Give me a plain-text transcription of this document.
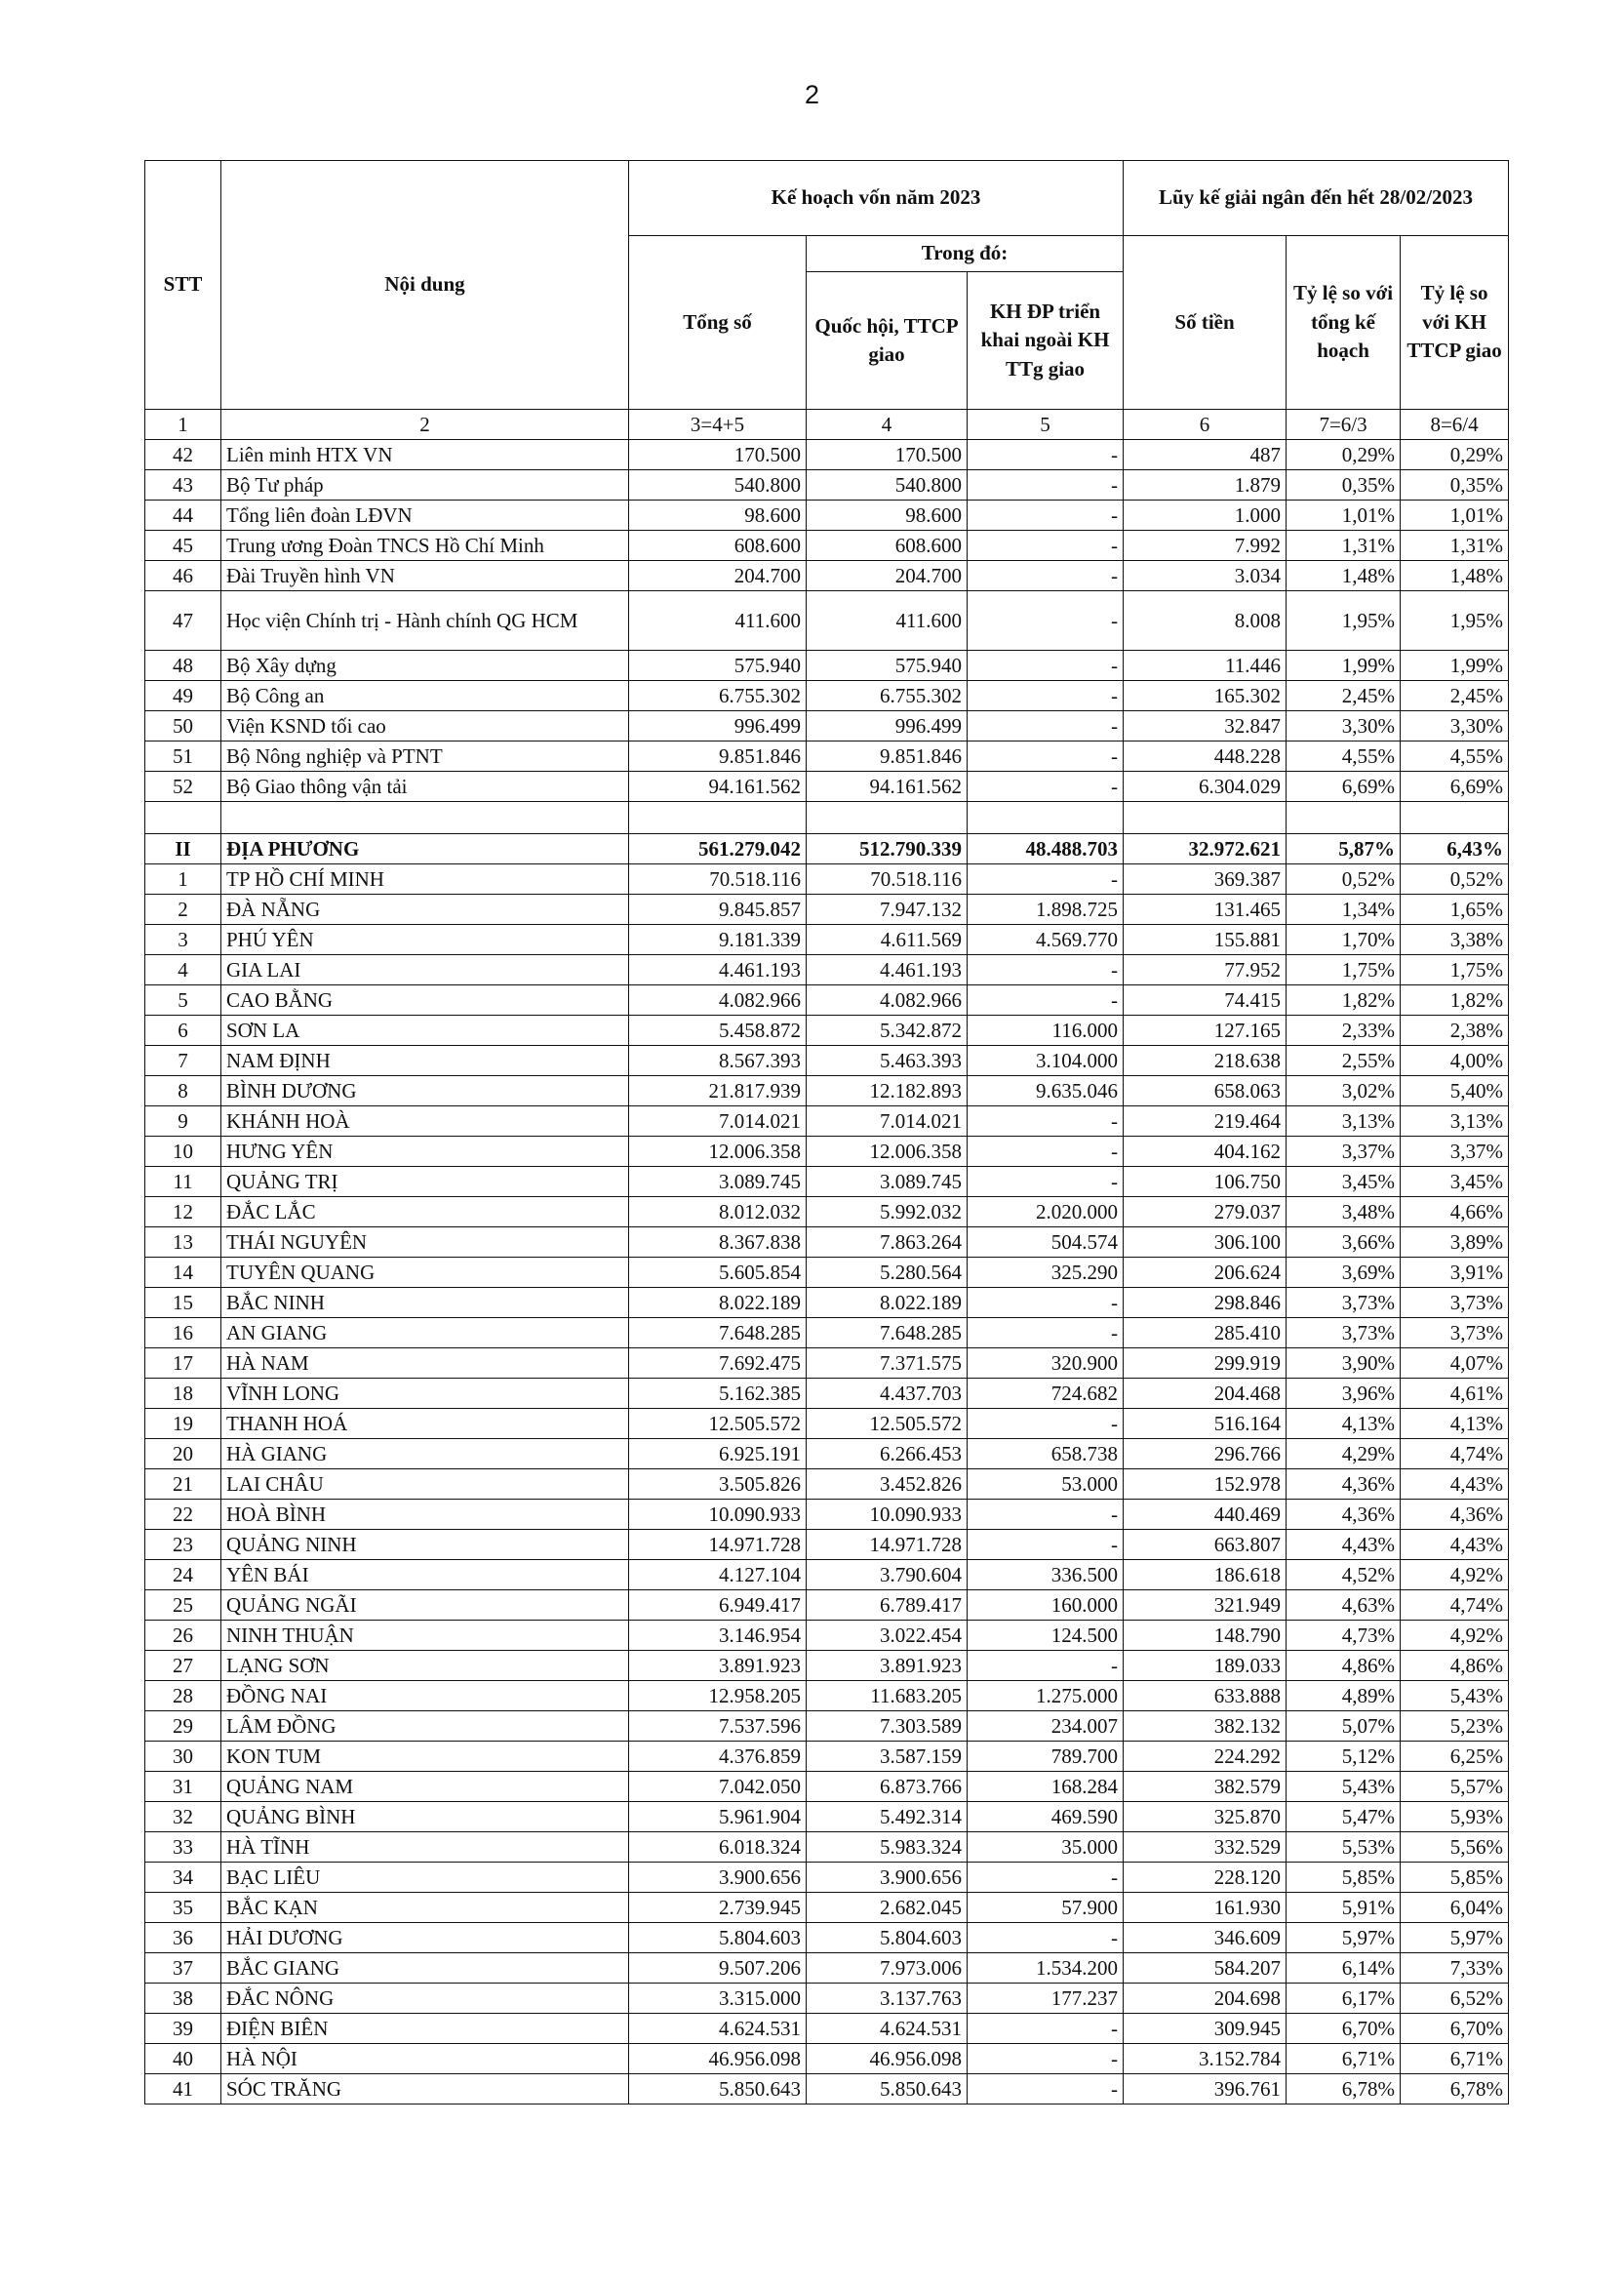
2
STT	Nội dung	Kế hoạch vốn năm 2023			Lũy kế giải ngân đến hết 28/02/2023		
		Tổng số	Trong đó:		Số tiền	Tỷ lệ so với tổng kế hoạch	Tỷ lệ so với KH TTCP giao
			Quốc hội, TTCP giao	KH ĐP triển khai ngoài KH TTg giao			
1	2	3=4+5	4	5	6	7=6/3	8=6/4
42	Liên minh HTX VN	170.500	170.500	-	487	0,29%	0,29%
43	Bộ Tư pháp	540.800	540.800	-	1.879	0,35%	0,35%
44	Tổng liên đoàn LĐVN	98.600	98.600	-	1.000	1,01%	1,01%
45	Trung ương Đoàn TNCS Hồ Chí Minh	608.600	608.600	-	7.992	1,31%	1,31%
46	Đài Truyền hình VN	204.700	204.700	-	3.034	1,48%	1,48%
47	Học viện Chính trị - Hành chính QG HCM	411.600	411.600	-	8.008	1,95%	1,95%
48	Bộ Xây dựng	575.940	575.940	-	11.446	1,99%	1,99%
49	Bộ Công an	6.755.302	6.755.302	-	165.302	2,45%	2,45%
50	Viện KSND tối cao	996.499	996.499	-	32.847	3,30%	3,30%
51	Bộ Nông nghiệp và PTNT	9.851.846	9.851.846	-	448.228	4,55%	4,55%
52	Bộ Giao thông vận tải	94.161.562	94.161.562	-	6.304.029	6,69%	6,69%

II	ĐỊA PHƯƠNG	561.279.042	512.790.339	48.488.703	32.972.621	5,87%	6,43%
1	TP HỒ CHÍ MINH	70.518.116	70.518.116	-	369.387	0,52%	0,52%
2	ĐÀ NẴNG	9.845.857	7.947.132	1.898.725	131.465	1,34%	1,65%
3	PHÚ YÊN	9.181.339	4.611.569	4.569.770	155.881	1,70%	3,38%
4	GIA LAI	4.461.193	4.461.193	-	77.952	1,75%	1,75%
5	CAO BẰNG	4.082.966	4.082.966	-	74.415	1,82%	1,82%
6	SƠN LA	5.458.872	5.342.872	116.000	127.165	2,33%	2,38%
7	NAM ĐỊNH	8.567.393	5.463.393	3.104.000	218.638	2,55%	4,00%
8	BÌNH DƯƠNG	21.817.939	12.182.893	9.635.046	658.063	3,02%	5,40%
9	KHÁNH HOÀ	7.014.021	7.014.021	-	219.464	3,13%	3,13%
10	HƯNG YÊN	12.006.358	12.006.358	-	404.162	3,37%	3,37%
11	QUẢNG TRỊ	3.089.745	3.089.745	-	106.750	3,45%	3,45%
12	ĐẮC LẮC	8.012.032	5.992.032	2.020.000	279.037	3,48%	4,66%
13	THÁI NGUYÊN	8.367.838	7.863.264	504.574	306.100	3,66%	3,89%
14	TUYÊN QUANG	5.605.854	5.280.564	325.290	206.624	3,69%	3,91%
15	BẮC NINH	8.022.189	8.022.189	-	298.846	3,73%	3,73%
16	AN GIANG	7.648.285	7.648.285	-	285.410	3,73%	3,73%
17	HÀ NAM	7.692.475	7.371.575	320.900	299.919	3,90%	4,07%
18	VĨNH LONG	5.162.385	4.437.703	724.682	204.468	3,96%	4,61%
19	THANH HOÁ	12.505.572	12.505.572	-	516.164	4,13%	4,13%
20	HÀ GIANG	6.925.191	6.266.453	658.738	296.766	4,29%	4,74%
21	LAI CHÂU	3.505.826	3.452.826	53.000	152.978	4,36%	4,43%
22	HOÀ BÌNH	10.090.933	10.090.933	-	440.469	4,36%	4,36%
23	QUẢNG NINH	14.971.728	14.971.728	-	663.807	4,43%	4,43%
24	YÊN BÁI	4.127.104	3.790.604	336.500	186.618	4,52%	4,92%
25	QUẢNG NGÃI	6.949.417	6.789.417	160.000	321.949	4,63%	4,74%
26	NINH THUẬN	3.146.954	3.022.454	124.500	148.790	4,73%	4,92%
27	LẠNG SƠN	3.891.923	3.891.923	-	189.033	4,86%	4,86%
28	ĐỒNG NAI	12.958.205	11.683.205	1.275.000	633.888	4,89%	5,43%
29	LÂM ĐỒNG	7.537.596	7.303.589	234.007	382.132	5,07%	5,23%
30	KON TUM	4.376.859	3.587.159	789.700	224.292	5,12%	6,25%
31	QUẢNG NAM	7.042.050	6.873.766	168.284	382.579	5,43%	5,57%
32	QUẢNG BÌNH	5.961.904	5.492.314	469.590	325.870	5,47%	5,93%
33	HÀ TĨNH	6.018.324	5.983.324	35.000	332.529	5,53%	5,56%
34	BẠC LIÊU	3.900.656	3.900.656	-	228.120	5,85%	5,85%
35	BẮC KẠN	2.739.945	2.682.045	57.900	161.930	5,91%	6,04%
36	HẢI DƯƠNG	5.804.603	5.804.603	-	346.609	5,97%	5,97%
37	BẮC GIANG	9.507.206	7.973.006	1.534.200	584.207	6,14%	7,33%
38	ĐẮC NÔNG	3.315.000	3.137.763	177.237	204.698	6,17%	6,52%
39	ĐIỆN BIÊN	4.624.531	4.624.531	-	309.945	6,70%	6,70%
40	HÀ NỘI	46.956.098	46.956.098	-	3.152.784	6,71%	6,71%
41	SÓC TRĂNG	5.850.643	5.850.643	-	396.761	6,78%	6,78%
